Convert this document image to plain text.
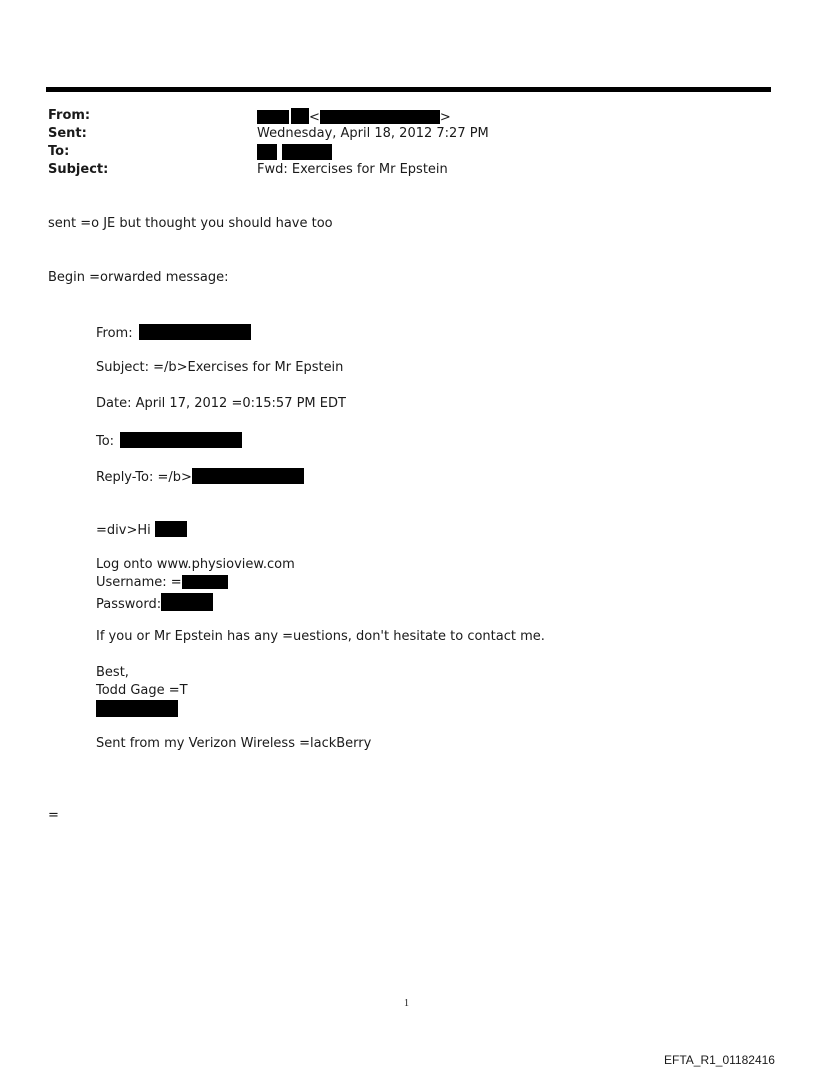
From:
Sent:
To:
Subject:
<	>
Wednesday, April 18, 2012 7:27 PM
Fwd: Exercises for Mr Epstein
sent =o JE but thought you should have too
Begin =orwarded message:
From:
Subject: =/b>Exercises for Mr Epstein
Date: April 17, 2012 =0:15:57 PM EDT
To:
Reply-To: =/b>
=div>Hi
Log onto www.physioview.com
Username: =
Password:
If you or Mr Epstein has any =uestions, don't hesitate to contact me.
Best,
Todd Gage =T
Sent from my Verizon Wireless =lackBerry
=
1
EFTA_R1_01182416
